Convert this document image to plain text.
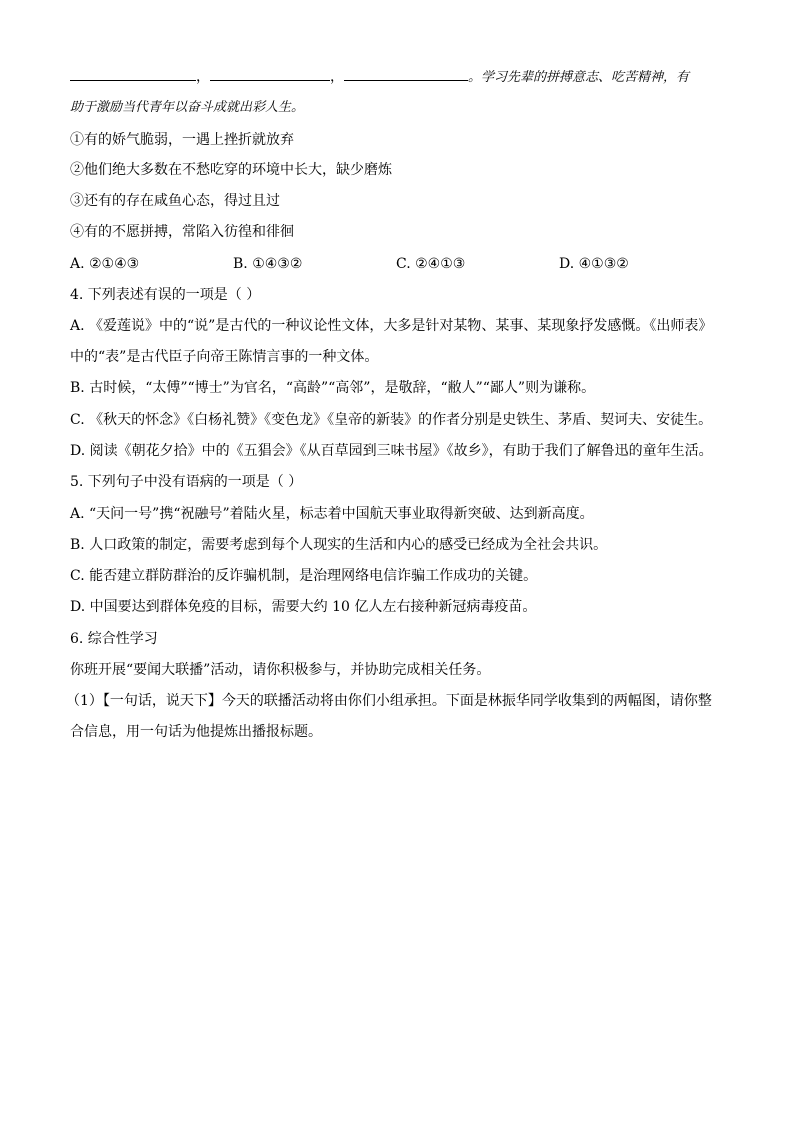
，	，	。学习先辈的拼搏意志、吃苦精神，有
助于激励当代青年以奋斗成就出彩人生。
①有的娇气脆弱，一遇上挫折就放弃
②他们绝大多数在不愁吃穿的环境中长大，缺少磨炼
③还有的存在咸鱼心态，得过且过
④有的不愿拼搏，常陷入彷徨和徘徊
A. ②①④③	B. ①④③②	C. ②④①③	D. ④①③②
4. 下列表述有误的一项是（ ）
A. 《爱莲说》中的“说”是古代的一种议论性文体，大多是针对某物、某事、某现象抒发感慨。《出师表》
中的“表”是古代臣子向帝王陈情言事的一种文体。
B. 古时候，“太傅”“博士”为官名，“高龄”“高邻”，是敬辞，“敝人”“鄙人”则为谦称。
C. 《秋天的怀念》《白杨礼赞》《变色龙》《皇帝的新装》的作者分别是史铁生、茅盾、契诃夫、安徒生。
D. 阅读《朝花夕拾》中的《五猖会》《从百草园到三味书屋》《故乡》，有助于我们了解鲁迅的童年生活。
5. 下列句子中没有语病的一项是（ ）
A. “天问一号”携“祝融号”着陆火星，标志着中国航天事业取得新突破、达到新高度。
B. 人口政策的制定，需要考虑到每个人现实的生活和内心的感受已经成为全社会共识。
C. 能否建立群防群治的反诈骗机制，是治理网络电信诈骗工作成功的关键。
D. 中国要达到群体免疫的目标，需要大约 10 亿人左右接种新冠病毒疫苗。
6. 综合性学习
你班开展“要闻大联播”活动，请你积极参与，并协助完成相关任务。
（1）【一句话，说天下】今天的联播活动将由你们小组承担。下面是林振华同学收集到的两幅图，请你整
合信息，用一句话为他提炼出播报标题。
